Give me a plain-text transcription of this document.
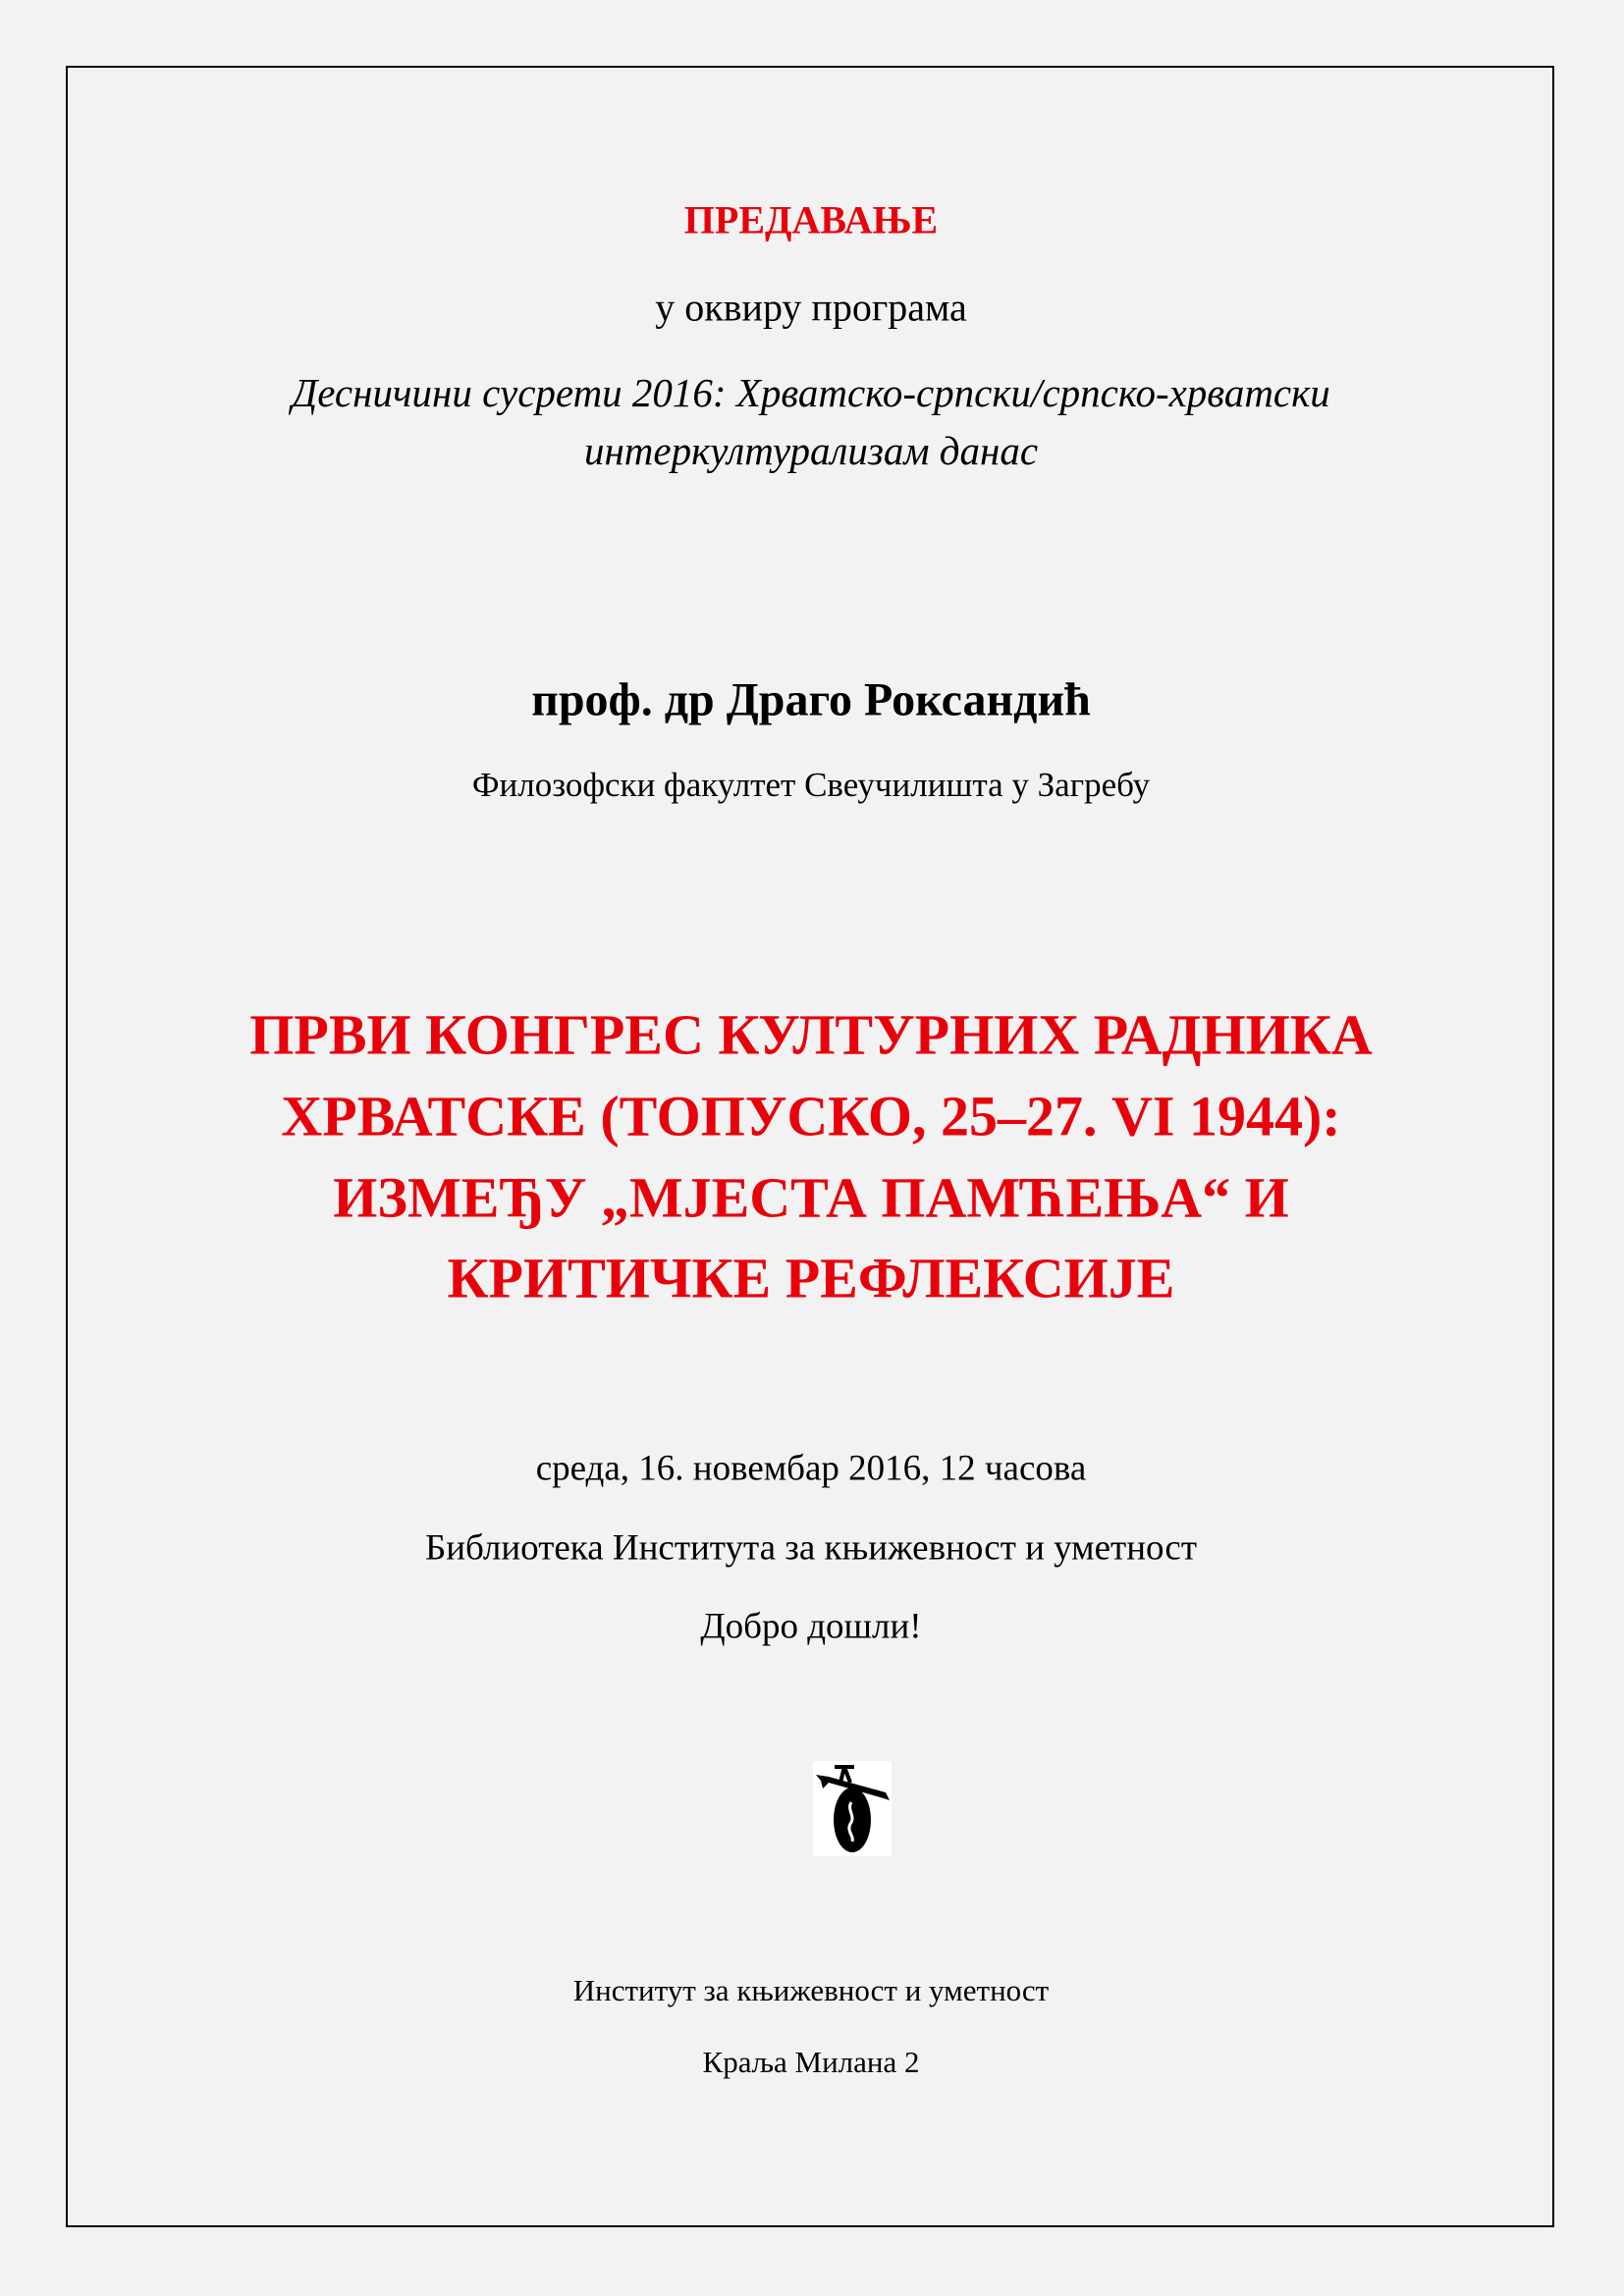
ПРЕДАВАЊЕ
у оквиру програма
Десничини сусрети 2016: Хрватско-српски/српско-хрватски
интеркултурализам данас
проф. др Драго Роксандић
Филозофски факултет Свеучилишта у Загребу
ПРВИ КОНГРЕС КУЛТУРНИХ РАДНИКА
ХРВАТСКЕ (ТОПУСКО, 25–27. VI 1944):
ИЗМЕЂУ „МЈЕСТА ПАМЋЕЊА“ И
КРИТИЧКЕ РЕФЛЕКСИЈЕ
среда, 16. новембар 2016, 12 часова
Библиотека Института за књижевност и уметност
Добро дошли!
Институт за књижевност и уметност
Краља Милана 2
